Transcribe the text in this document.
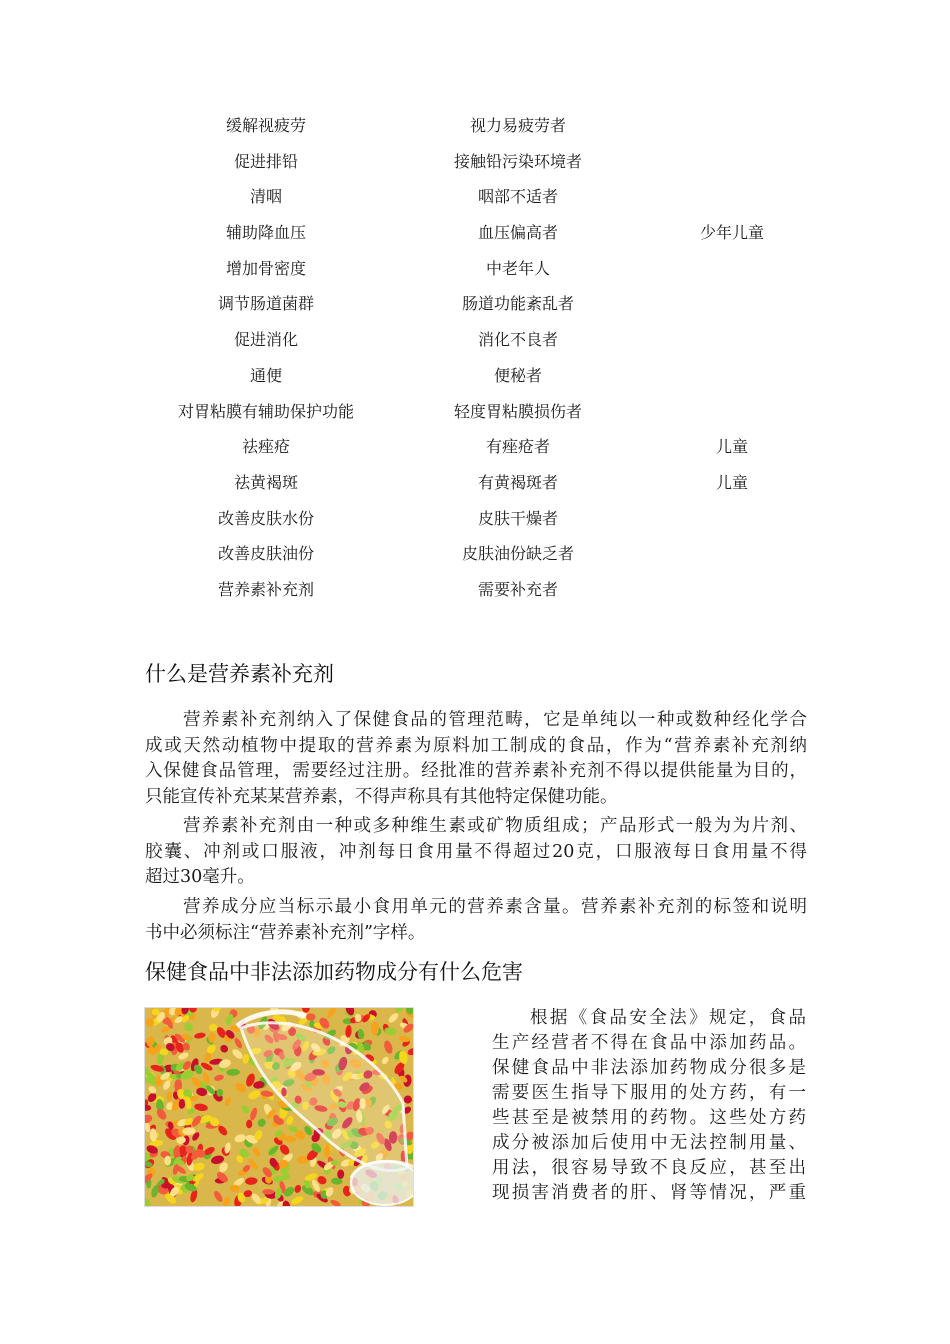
缓解视疲劳	视力易疲劳者
促进排铅	接触铅污染环境者
清咽	咽部不适者
辅助降血压	血压偏高者	少年儿童
增加骨密度	中老年人
调节肠道菌群	肠道功能紊乱者
促进消化	消化不良者
通便	便秘者
对胃粘膜有辅助保护功能	轻度胃粘膜损伤者
祛痤疮	有痤疮者	儿童
祛黄褐斑	有黄褐斑者	儿童
改善皮肤水份	皮肤干燥者
改善皮肤油份	皮肤油份缺乏者
营养素补充剂	需要补充者
什么是营养素补充剂

营养素补充剂纳入了保健食品的管理范畴，它是单纯以一种或数种经化学合
成或天然动植物中提取的营养素为原料加工制成的食品，作为“营养素补充剂纳
入保健食品管理，需要经过注册。经批准的营养素补充剂不得以提供能量为目的，
只能宣传补充某某营养素，不得声称具有其他特定保健功能。

营养素补充剂由一种或多种维生素或矿物质组成；产品形式一般为为片剂、
胶囊、冲剂或口服液，冲剂每日食用量不得超过20克，口服液每日食用量不得
超过30毫升。

营养成分应当标示最小食用单元的营养素含量。营养素补充剂的标签和说明
书中必须标注“营养素补充剂”字样。

保健食品中非法添加药物成分有什么危害

根据《食品安全法》规定，食品
生产经营者不得在食品中添加药品。
保健食品中非法添加药物成分很多是
需要医生指导下服用的处方药，有一
些甚至是被禁用的药物。这些处方药
成分被添加后使用中无法控制用量、
用法，很容易导致不良反应，甚至出
现损害消费者的肝、肾等情况，严重
